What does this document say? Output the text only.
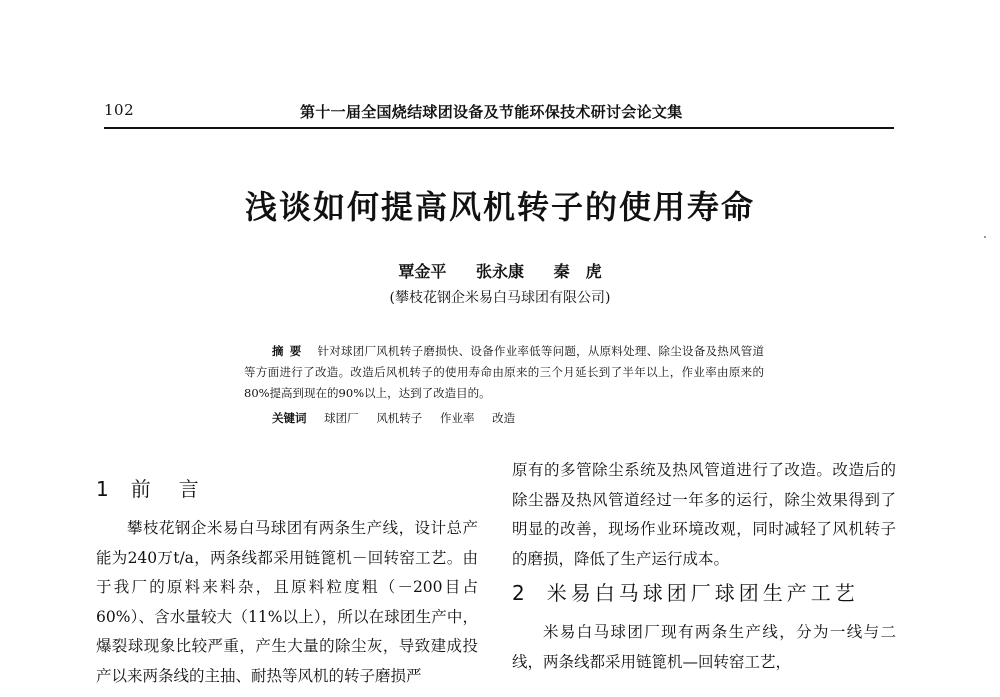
102	第十一届全国烧结球团设备及节能环保技术研讨会论文集
浅谈如何提高风机转子的使用寿命
覃金平 张永康 秦　虎
(攀枝花钢企米易白马球团有限公司)
摘要 针对球团厂风机转子磨损快、设备作业率低等问题，从原料处理、除尘设备及热风管道等方面进行了改造。改造后风机转子的使用寿命由原来的三个月延长到了半年以上，作业率由原来的80%提高到现在的90%以上，达到了改造目的。
关键词 球团厂 风机转子 作业率 改造
1 前　言

攀枝花钢企米易白马球团有两条生产线，设计总产能为240万t/a，两条线都采用链篦机－回转窑工艺。由于我厂的原料来料杂，且原料粒度粗（－200目占60%）、含水量较大（11%以上），所以在球团生产中，爆裂球现象比较严重，产生大量的除尘灰，导致建成投产以来两条线的主抽、耐热等风机的转子磨损严

原有的多管除尘系统及热风管道进行了改造。改造后的除尘器及热风管道经过一年多的运行，除尘效果得到了明显的改善，现场作业环境改观，同时减轻了风机转子的磨损，降低了生产运行成本。

2 米易白马球团厂球团生产工艺

米易白马球团厂现有两条生产线，分为一线与二线，两条线都采用链篦机—回转窑工艺，
